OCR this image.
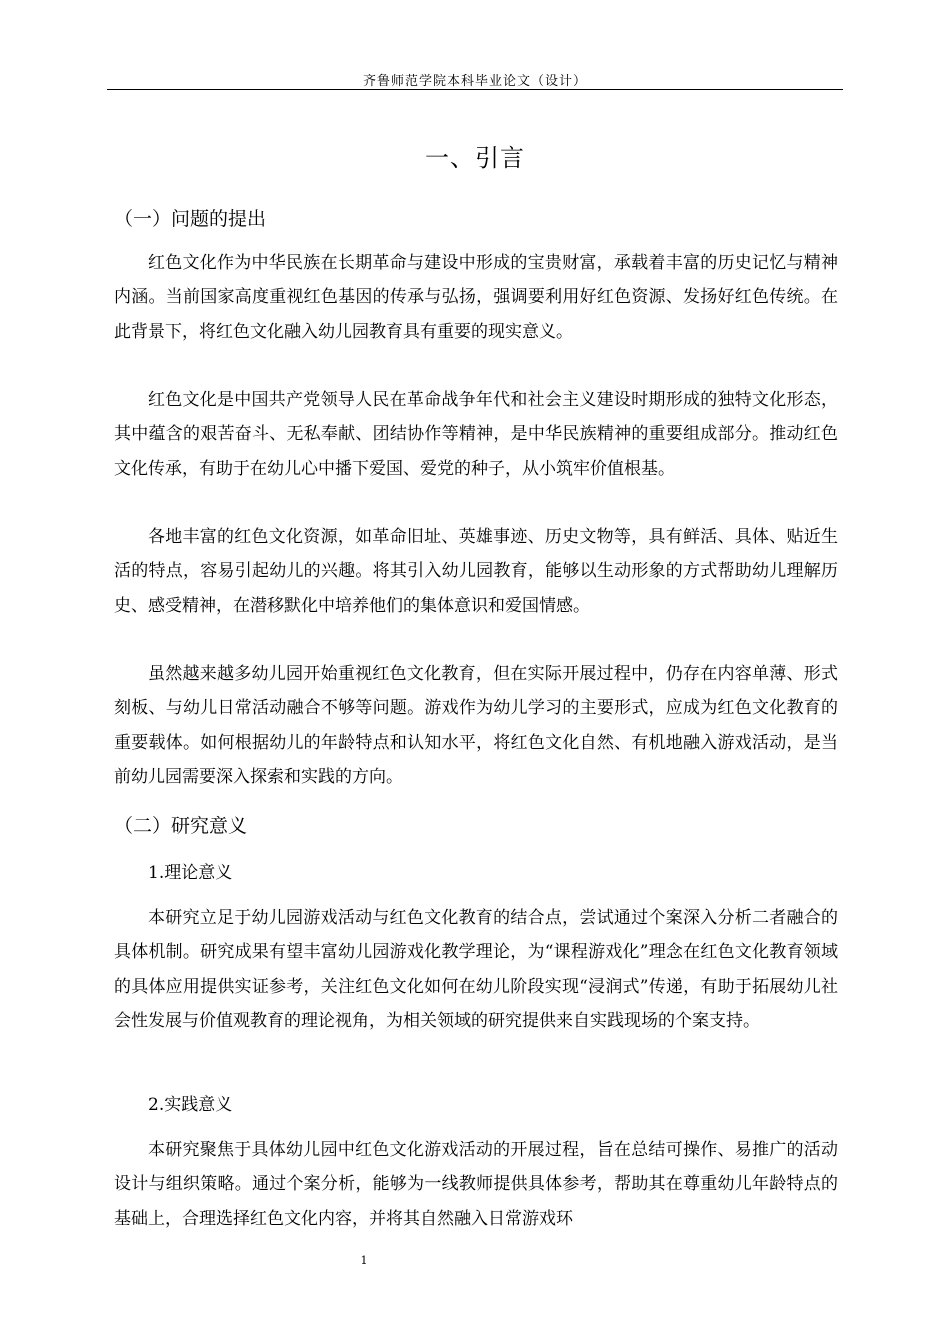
齐鲁师范学院本科毕业论文（设计）
一、引言
（一）问题的提出

红色文化作为中华民族在长期革命与建设中形成的宝贵财富，承载着丰富的历史记忆与精神内涵。当前国家高度重视红色基因的传承与弘扬，强调要利用好红色资源、发扬好红色传统。在此背景下，将红色文化融入幼儿园教育具有重要的现实意义。

红色文化是中国共产党领导人民在革命战争年代和社会主义建设时期形成的独特文化形态，其中蕴含的艰苦奋斗、无私奉献、团结协作等精神，是中华民族精神的重要组成部分。推动红色文化传承，有助于在幼儿心中播下爱国、爱党的种子，从小筑牢价值根基。

各地丰富的红色文化资源，如革命旧址、英雄事迹、历史文物等，具有鲜活、具体、贴近生活的特点，容易引起幼儿的兴趣。将其引入幼儿园教育，能够以生动形象的方式帮助幼儿理解历史、感受精神，在潜移默化中培养他们的集体意识和爱国情感。

虽然越来越多幼儿园开始重视红色文化教育，但在实际开展过程中，仍存在内容单薄、形式刻板、与幼儿日常活动融合不够等问题。游戏作为幼儿学习的主要形式，应成为红色文化教育的重要载体。如何根据幼儿的年龄特点和认知水平，将红色文化自然、有机地融入游戏活动，是当前幼儿园需要深入探索和实践的方向。

（二）研究意义
1.理论意义

本研究立足于幼儿园游戏活动与红色文化教育的结合点，尝试通过个案深入分析二者融合的具体机制。研究成果有望丰富幼儿园游戏化教学理论，为“课程游戏化”理念在红色文化教育领域的具体应用提供实证参考，关注红色文化如何在幼儿阶段实现“浸润式”传递，有助于拓展幼儿社会性发展与价值观教育的理论视角，为相关领域的研究提供来自实践现场的个案支持。

2.实践意义

本研究聚焦于具体幼儿园中红色文化游戏活动的开展过程，旨在总结可操作、易推广的活动设计与组织策略。通过个案分析，能够为一线教师提供具体参考，帮助其在尊重幼儿年龄特点的基础上，合理选择红色文化内容，并将其自然融入日常游戏环

1
